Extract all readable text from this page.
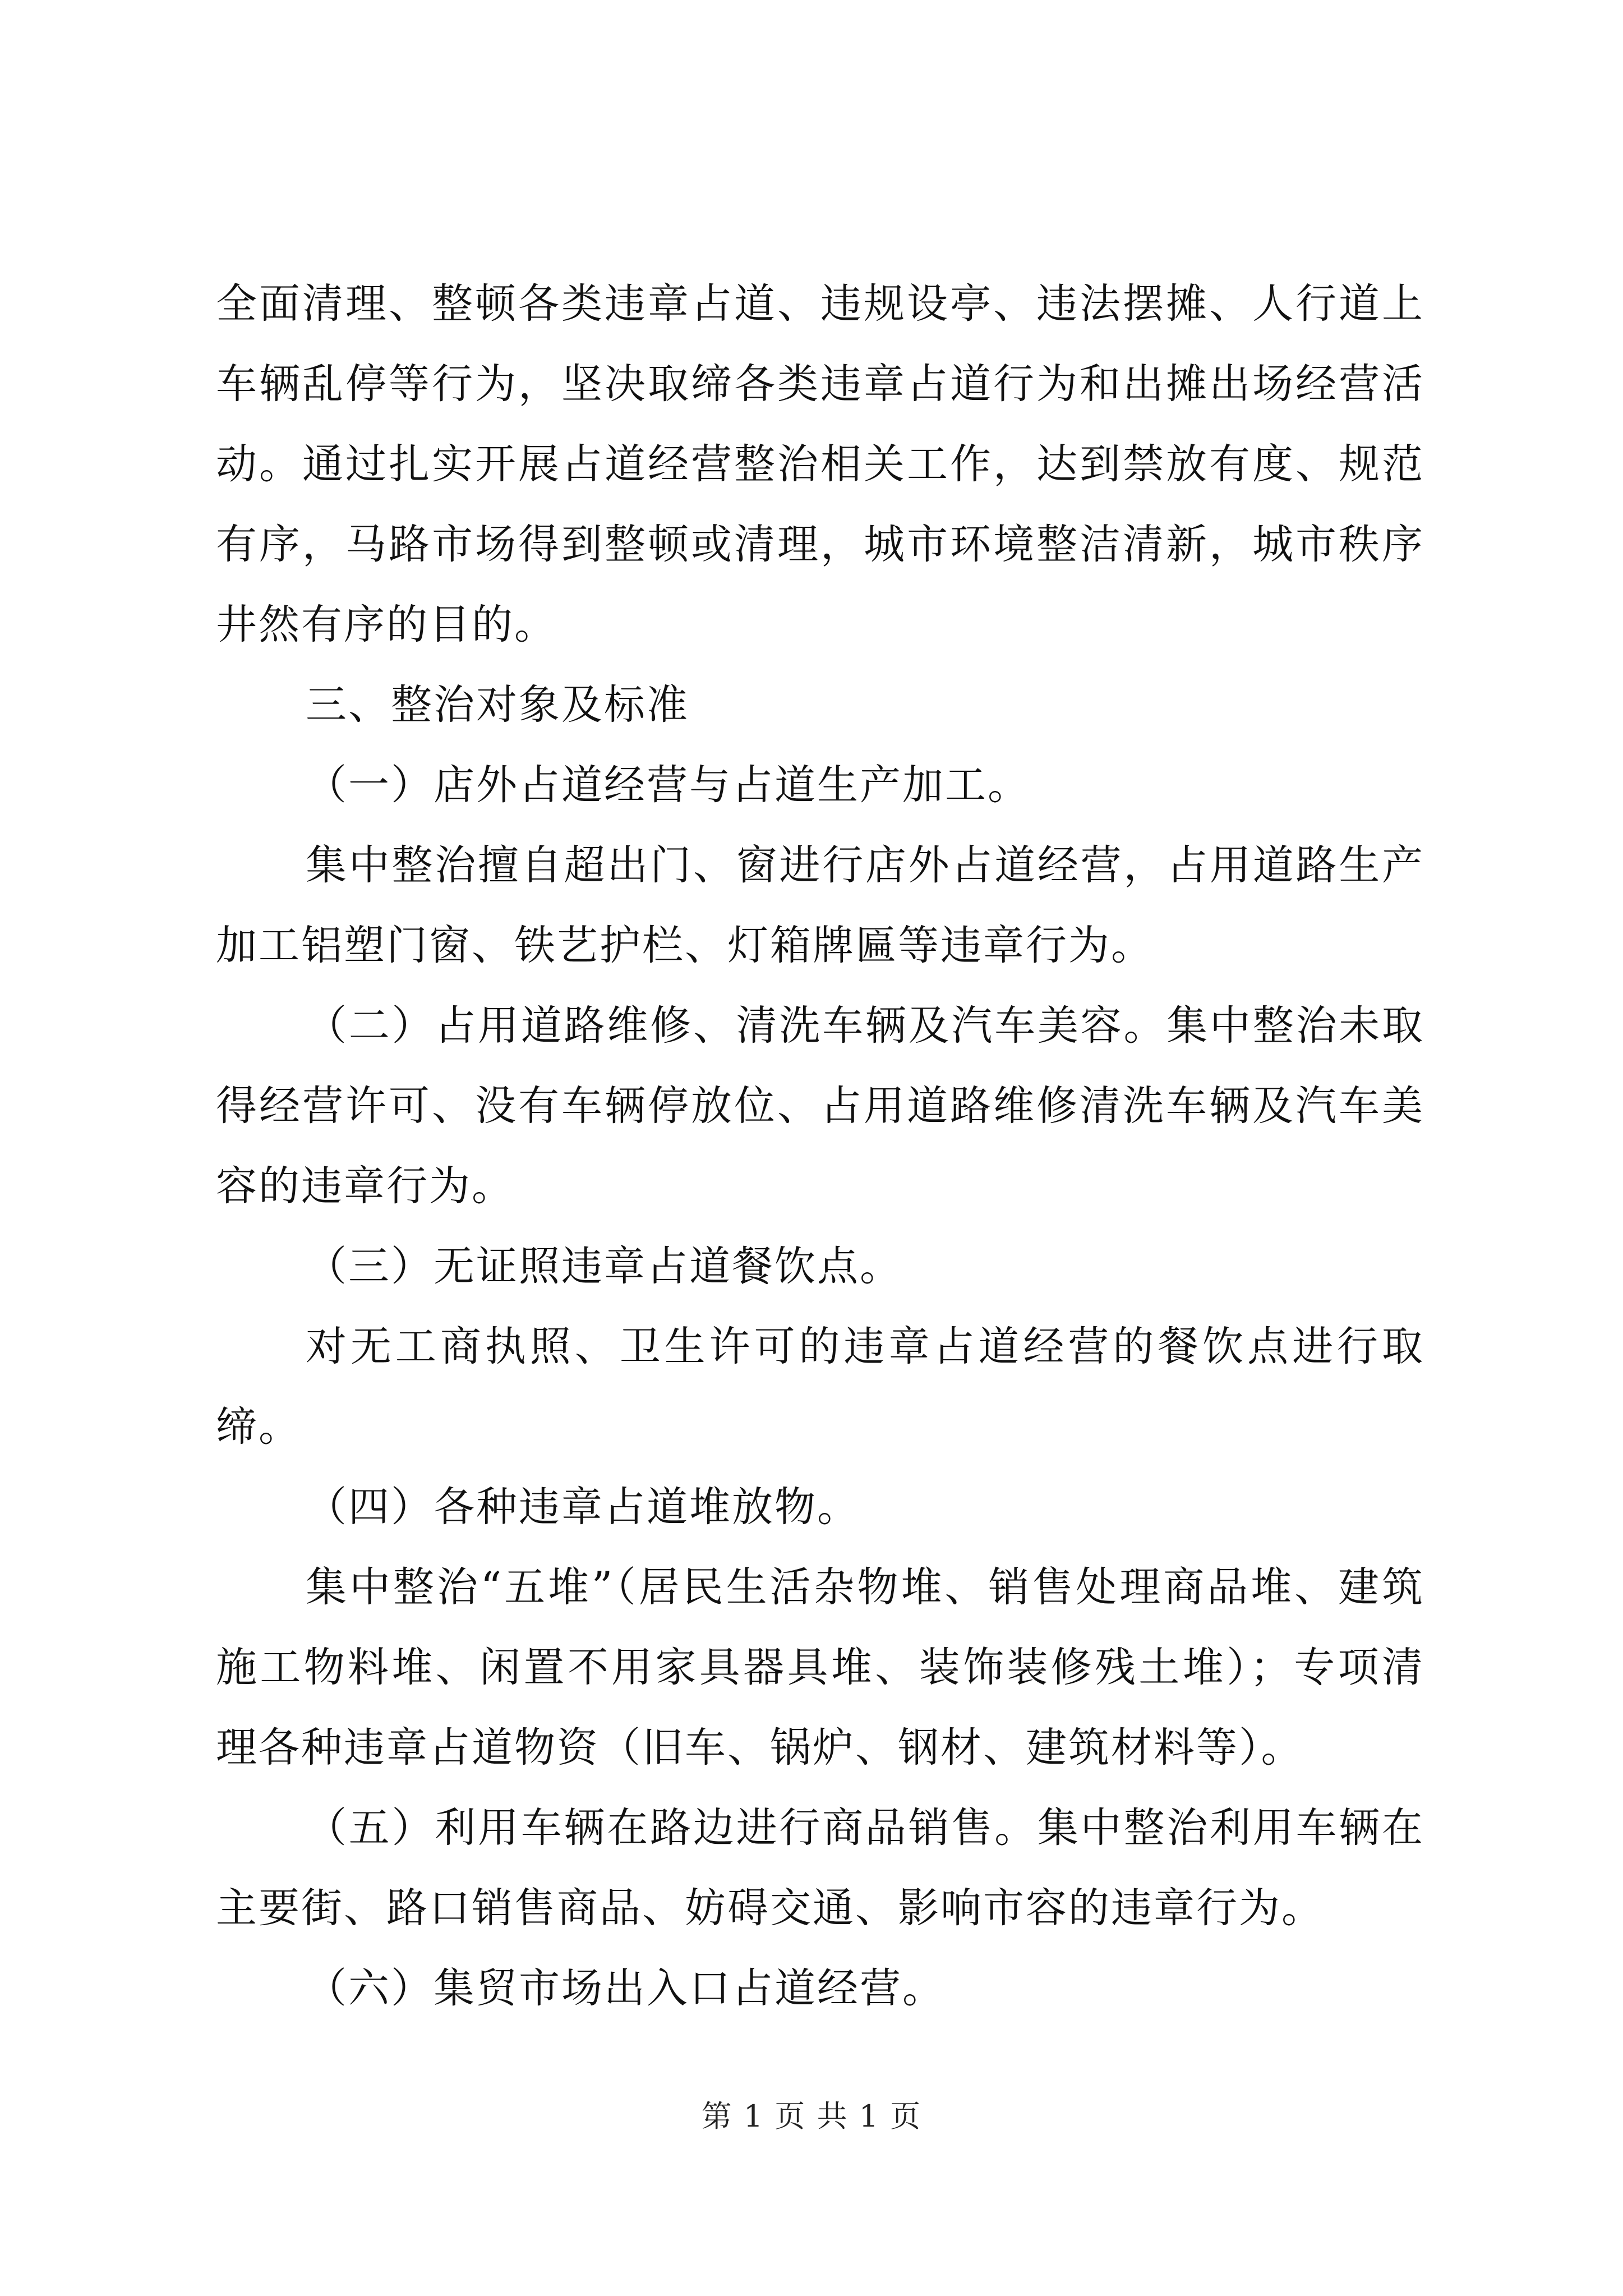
全面清理、整顿各类违章占道、违规设亭、违法摆摊、人行道上车辆乱停等行为，坚决取缔各类违章占道行为和出摊出场经营活动。通过扎实开展占道经营整治相关工作，达到禁放有度、规范有序，马路市场得到整顿或清理，城市环境整洁清新，城市秩序井然有序的目的。

三、整治对象及标准

（一）店外占道经营与占道生产加工。

集中整治擅自超出门、窗进行店外占道经营，占用道路生产加工铝塑门窗、铁艺护栏、灯箱牌匾等违章行为。

（二）占用道路维修、清洗车辆及汽车美容。集中整治未取得经营许可、没有车辆停放位、占用道路维修清洗车辆及汽车美容的违章行为。

（三）无证照违章占道餐饮点。

对无工商执照、卫生许可的违章占道经营的餐饮点进行取缔。

（四）各种违章占道堆放物。

集中整治“五堆”（居民生活杂物堆、销售处理商品堆、建筑施工物料堆、闲置不用家具器具堆、装饰装修残土堆）；专项清理各种违章占道物资（旧车、锅炉、钢材、建筑材料等）。

（五）利用车辆在路边进行商品销售。集中整治利用车辆在主要街、路口销售商品、妨碍交通、影响市容的违章行为。

（六）集贸市场出入口占道经营。

第 1 页 共 1 页
